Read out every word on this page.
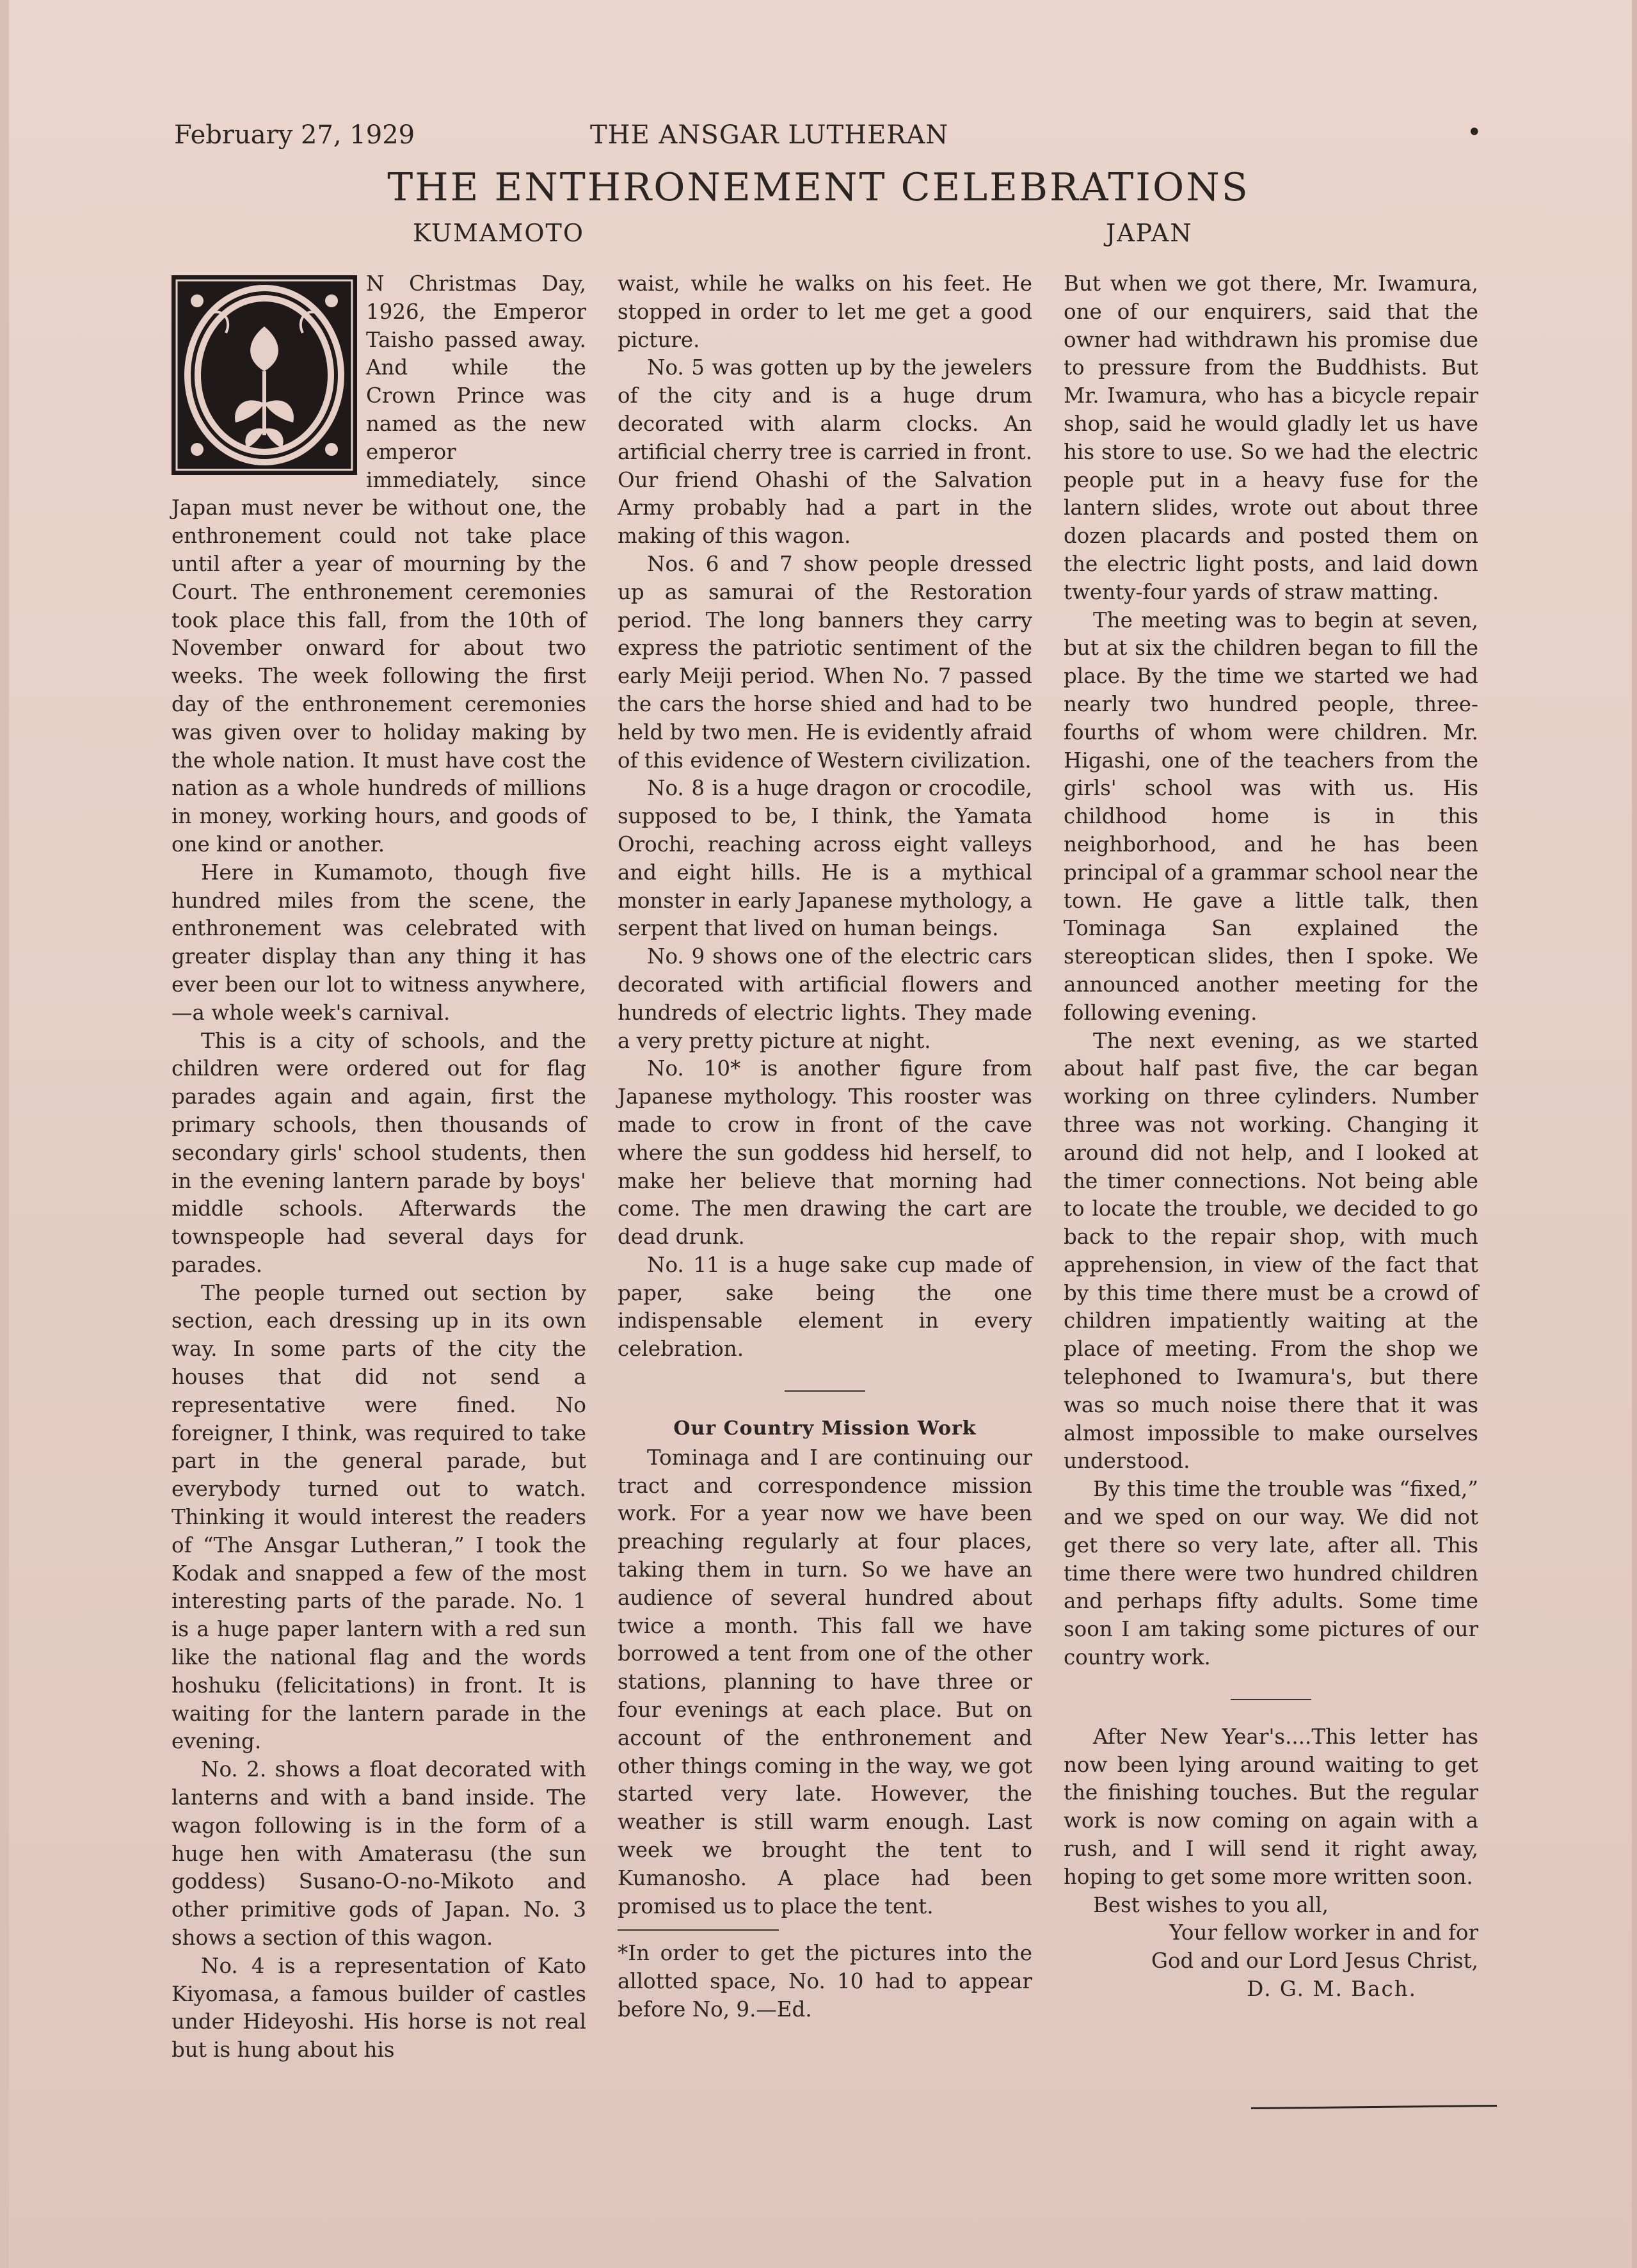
February 27, 1929	THE ANSGAR LUTHERAN	•
THE ENTHRONEMENT CELEBRATIONS
KUMAMOTO	JAPAN

N Christmas Day, 1926, the Emperor Taisho passed away. And while the Crown Prince was named as the new emperor immediately, since Japan must never be without one, the enthronement could not take place until after a year of mourning by the Court. The enthronement ceremonies took place this fall, from the 10th of November onward for about two weeks. The week following the first day of the enthronement ceremonies was given over to holiday making by the whole nation. It must have cost the nation as a whole hundreds of millions in money, working hours, and goods of one kind or another.

Here in Kumamoto, though five hundred miles from the scene, the enthronement was celebrated with greater display than any thing it has ever been our lot to witness anywhere,—a whole week's carnival.

This is a city of schools, and the children were ordered out for flag parades again and again, first the primary schools, then thousands of secondary girls' school students, then in the evening lantern parade by boys' middle schools. Afterwards the townspeople had several days for parades.

The people turned out section by section, each dressing up in its own way. In some parts of the city the houses that did not send a representative were fined. No foreigner, I think, was required to take part in the general parade, but everybody turned out to watch. Thinking it would interest the readers of “The Ansgar Lutheran,” I took the Kodak and snapped a few of the most interesting parts of the parade. No. 1 is a huge paper lantern with a red sun like the national flag and the words hoshuku (felicitations) in front. It is waiting for the lantern parade in the evening.

No. 2. shows a float decorated with lanterns and with a band inside. The wagon following is in the form of a huge hen with Amaterasu (the sun goddess) Susano-O-no-Mikoto and other primitive gods of Japan. No. 3 shows a section of this wagon.

No. 4 is a representation of Kato Kiyomasa, a famous builder of castles under Hideyoshi. His horse is not real but is hung about his

waist, while he walks on his feet. He stopped in order to let me get a good picture.

No. 5 was gotten up by the jewelers of the city and is a huge drum decorated with alarm clocks. An artificial cherry tree is carried in front. Our friend Ohashi of the Salvation Army probably had a part in the making of this wagon.

Nos. 6 and 7 show people dressed up as samurai of the Restoration period. The long banners they carry express the patriotic sentiment of the early Meiji period. When No. 7 passed the cars the horse shied and had to be held by two men. He is evidently afraid of this evidence of Western civilization.

No. 8 is a huge dragon or crocodile, supposed to be, I think, the Yamata Orochi, reaching across eight valleys and eight hills. He is a mythical monster in early Japanese mythology, a serpent that lived on human beings.

No. 9 shows one of the electric cars decorated with artificial flowers and hundreds of electric lights. They made a very pretty picture at night.

No. 10* is another figure from Japanese mythology. This rooster was made to crow in front of the cave where the sun goddess hid herself, to make her believe that morning had come. The men drawing the cart are dead drunk.

No. 11 is a huge sake cup made of paper, sake being the one indispensable element in every celebration.

Our Country Mission Work

Tominaga and I are continuing our tract and correspondence mission work. For a year now we have been preaching regularly at four places, taking them in turn. So we have an audience of several hundred about twice a month. This fall we have borrowed a tent from one of the other stations, planning to have three or four evenings at each place. But on account of the enthronement and other things coming in the way, we got started very late. However, the weather is still warm enough. Last week we brought the tent to Kumanosho. A place had been promised us to place the tent.

*In order to get the pictures into the allotted space, No. 10 had to appear before No, 9.—Ed.

But when we got there, Mr. Iwamura, one of our enquirers, said that the owner had withdrawn his promise due to pressure from the Buddhists. But Mr. Iwamura, who has a bicycle repair shop, said he would gladly let us have his store to use. So we had the electric people put in a heavy fuse for the lantern slides, wrote out about three dozen placards and posted them on the electric light posts, and laid down twenty-four yards of straw matting.

The meeting was to begin at seven, but at six the children began to fill the place. By the time we started we had nearly two hundred people, three-fourths of whom were children. Mr. Higashi, one of the teachers from the girls' school was with us. His childhood home is in this neighborhood, and he has been principal of a grammar school near the town. He gave a little talk, then Tominaga San explained the stereoptican slides, then I spoke. We announced another meeting for the following evening.

The next evening, as we started about half past five, the car began working on three cylinders. Number three was not working. Changing it around did not help, and I looked at the timer connections. Not being able to locate the trouble, we decided to go back to the repair shop, with much apprehension, in view of the fact that by this time there must be a crowd of children impatiently waiting at the place of meeting. From the shop we telephoned to Iwamura's, but there was so much noise there that it was almost impossible to make ourselves understood.

By this time the trouble was “fixed,” and we sped on our way. We did not get there so very late, after all. This time there were two hundred children and perhaps fifty adults. Some time soon I am taking some pictures of our country work.

After New Year's....This letter has now been lying around waiting to get the finishing touches. But the regular work is now coming on again with a rush, and I will send it right away, hoping to get some more written soon.

Best wishes to you all,

Your fellow worker in and for
God and our Lord Jesus Christ,
D. G. M. Bach.
